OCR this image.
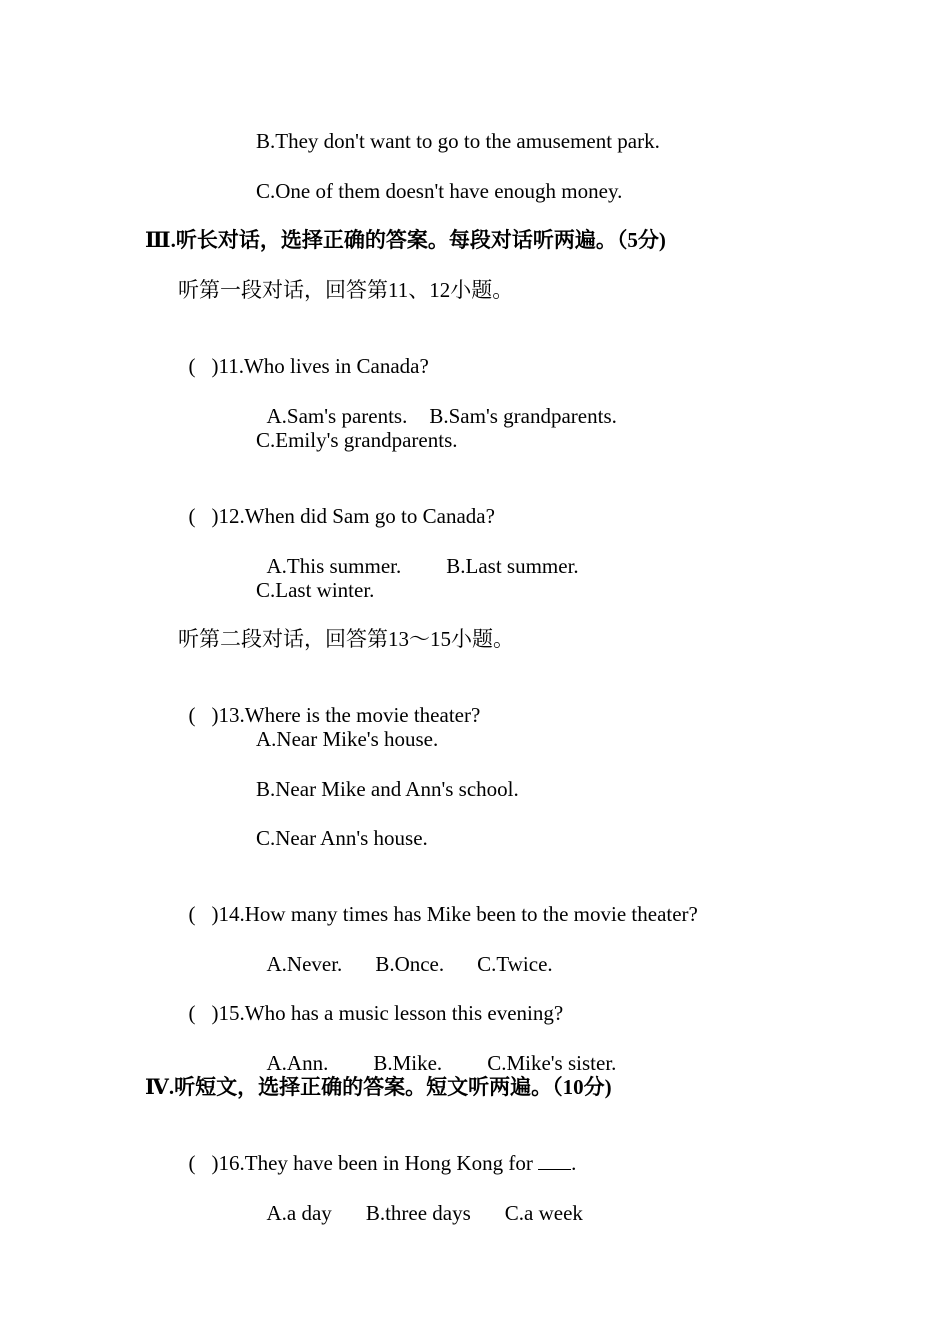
B.They don't want to go to the amusement park.
C.One of them doesn't have enough money.
Ⅲ.听长对话，选择正确的答案。每段对话听两遍。（5分)
听第一段对话，回答第11、12小题。

( )11.Who lives in Canada?

A.Sam's parents. B.Sam's grandparents.

C.Emily's grandparents.

( )12.When did Sam go to Canada?

A.This summer. B.Last summer.

C.Last winter.
听第二段对话，回答第13～15小题。

( )13.Where is the movie theater?

A.Near Mike's house.
B.Near Mike and Ann's school.
C.Near Ann's house.

( )14.How many times has Mike been to the movie theater?

A.Never. B.Once. C.Twice.

( )15.Who has a music lesson this evening?

A.Ann. B.Mike. C.Mike's sister.

Ⅳ.听短文，选择正确的答案。短文听两遍。（10分)

( )16.They have been in Hong Kong for .

A.a day B.three days C.a week
